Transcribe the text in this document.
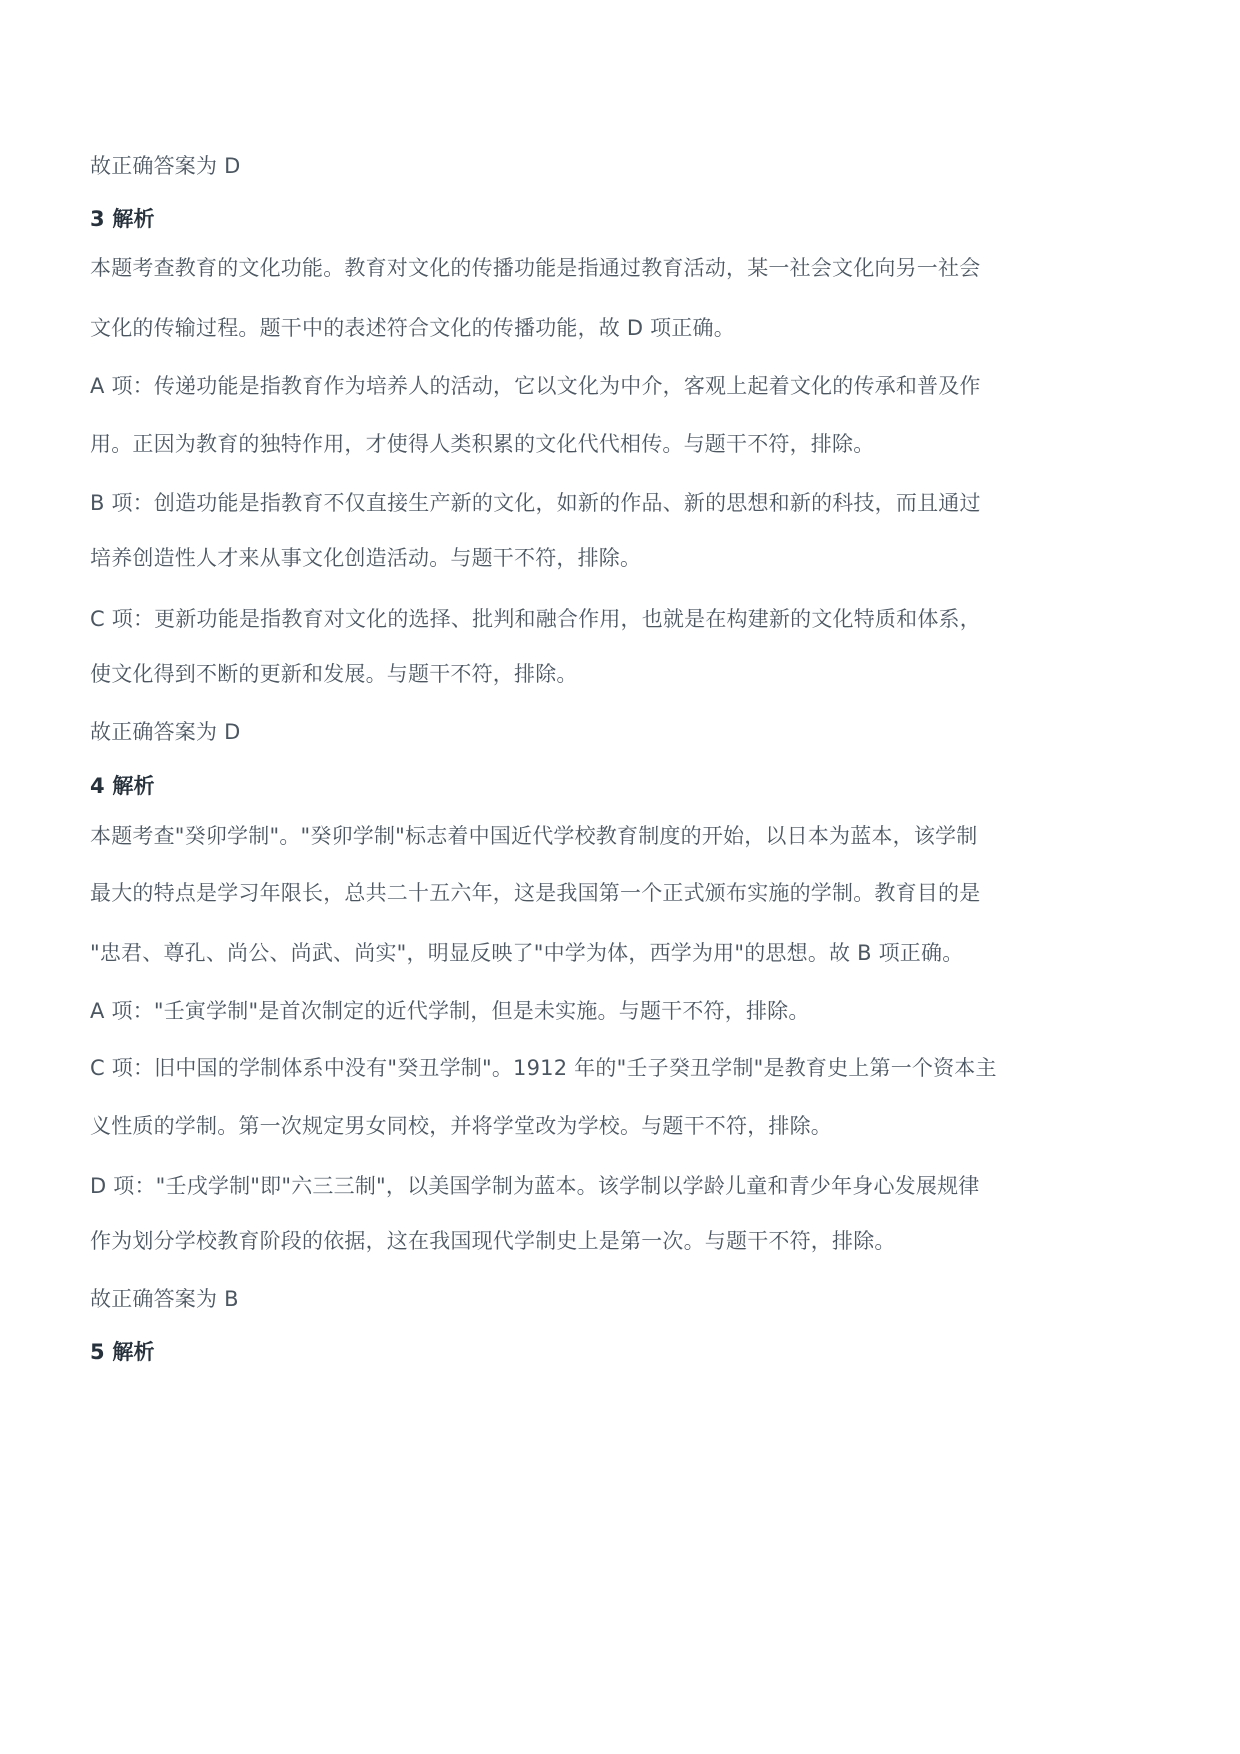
故正确答案为 D
3 解析
本题考查教育的文化功能。教育对文化的传播功能是指通过教育活动，某一社会文化向另一社会
文化的传输过程。题干中的表述符合文化的传播功能，故 D 项正确。
A 项：传递功能是指教育作为培养人的活动，它以文化为中介，客观上起着文化的传承和普及作
用。正因为教育的独特作用，才使得人类积累的文化代代相传。与题干不符，排除。
B 项：创造功能是指教育不仅直接生产新的文化，如新的作品、新的思想和新的科技，而且通过
培养创造性人才来从事文化创造活动。与题干不符，排除。
C 项：更新功能是指教育对文化的选择、批判和融合作用，也就是在构建新的文化特质和体系，
使文化得到不断的更新和发展。与题干不符，排除。
故正确答案为 D
4 解析
本题考查"癸卯学制"。"癸卯学制"标志着中国近代学校教育制度的开始，以日本为蓝本，该学制
最大的特点是学习年限长，总共二十五六年，这是我国第一个正式颁布实施的学制。教育目的是
"忠君、尊孔、尚公、尚武、尚实"，明显反映了"中学为体，西学为用"的思想。故 B 项正确。
A 项："壬寅学制"是首次制定的近代学制，但是未实施。与题干不符，排除。
C 项：旧中国的学制体系中没有"癸丑学制"。1912 年的"壬子癸丑学制"是教育史上第一个资本主
义性质的学制。第一次规定男女同校，并将学堂改为学校。与题干不符，排除。
D 项："壬戌学制"即"六三三制"，以美国学制为蓝本。该学制以学龄儿童和青少年身心发展规律
作为划分学校教育阶段的依据，这在我国现代学制史上是第一次。与题干不符，排除。
故正确答案为 B
5 解析
